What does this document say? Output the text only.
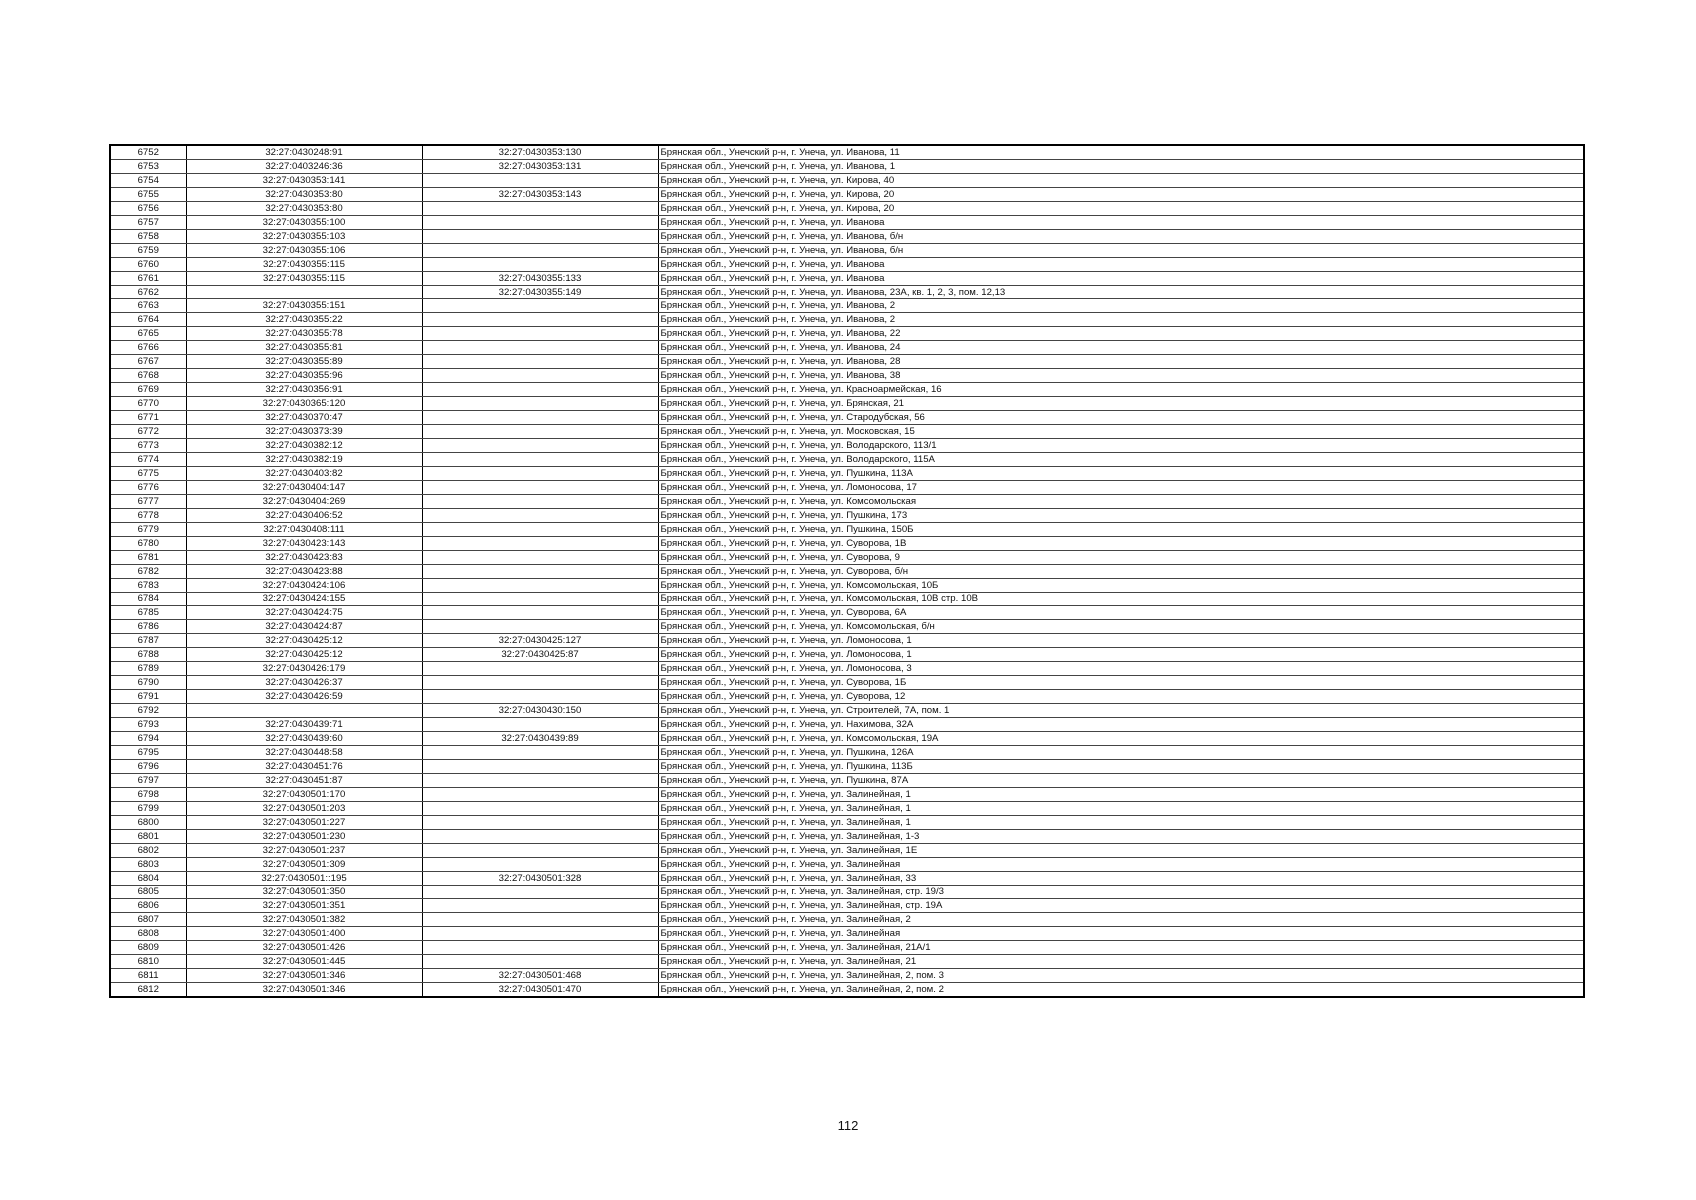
6752	32:27:0430248:91	32:27:0430353:130	Брянская обл., Унечский р-н, г. Унеча, ул. Иванова, 11
6753	32:27:0403246:36	32:27:0430353:131	Брянская обл., Унечский р-н, г. Унеча, ул. Иванова, 1
6754	32:27:0430353:141		Брянская обл., Унечский р-н, г. Унеча, ул. Кирова, 40
6755	32:27:0430353:80	32:27:0430353:143	Брянская обл., Унечский р-н, г. Унеча, ул. Кирова, 20
6756	32:27:0430353:80		Брянская обл., Унечский р-н, г. Унеча, ул. Кирова, 20
6757	32:27:0430355:100		Брянская обл., Унечский р-н, г. Унеча, ул. Иванова
6758	32:27:0430355:103		Брянская обл., Унечский р-н, г. Унеча, ул. Иванова, б/н
6759	32:27:0430355:106		Брянская обл., Унечский р-н, г. Унеча, ул. Иванова, б/н
6760	32:27:0430355:115		Брянская обл., Унечский р-н, г. Унеча, ул. Иванова
6761	32:27:0430355:115	32:27:0430355:133	Брянская обл., Унечский р-н, г. Унеча, ул. Иванова
6762		32:27:0430355:149	Брянская обл., Унечский р-н, г. Унеча, ул. Иванова, 23А, кв. 1, 2, 3, пом. 12,13
6763	32:27:0430355:151		Брянская обл., Унечский р-н, г. Унеча, ул. Иванова, 2
6764	32:27:0430355:22		Брянская обл., Унечский р-н, г. Унеча, ул. Иванова, 2
6765	32:27:0430355:78		Брянская обл., Унечский р-н, г. Унеча, ул. Иванова, 22
6766	32:27:0430355:81		Брянская обл., Унечский р-н, г. Унеча, ул. Иванова, 24
6767	32:27:0430355:89		Брянская обл., Унечский р-н, г. Унеча, ул. Иванова, 28
6768	32:27:0430355:96		Брянская обл., Унечский р-н, г. Унеча, ул. Иванова, 38
6769	32:27:0430356:91		Брянская обл., Унечский р-н, г. Унеча, ул. Красноармейская, 16
6770	32:27:0430365:120		Брянская обл., Унечский р-н, г. Унеча, ул. Брянская, 21
6771	32:27:0430370:47		Брянская обл., Унечский р-н, г. Унеча, ул. Стародубская, 56
6772	32:27:0430373:39		Брянская обл., Унечский р-н, г. Унеча, ул. Московская, 15
6773	32:27:0430382:12		Брянская обл., Унечский р-н, г. Унеча, ул. Володарского, 113/1
6774	32:27:0430382:19		Брянская обл., Унечский р-н, г. Унеча, ул. Володарского, 115А
6775	32:27:0430403:82		Брянская обл., Унечский р-н, г. Унеча, ул. Пушкина, 113А
6776	32:27:0430404:147		Брянская обл., Унечский р-н, г. Унеча, ул. Ломоносова, 17
6777	32:27:0430404:269		Брянская обл., Унечский р-н, г. Унеча, ул. Комсомольская
6778	32:27:0430406:52		Брянская обл., Унечский р-н, г. Унеча, ул. Пушкина, 173
6779	32:27:0430408:111		Брянская обл., Унечский р-н, г. Унеча, ул. Пушкина, 150Б
6780	32:27:0430423:143		Брянская обл., Унечский р-н, г. Унеча, ул. Суворова, 1В
6781	32:27:0430423:83		Брянская обл., Унечский р-н, г. Унеча, ул. Суворова, 9
6782	32:27:0430423:88		Брянская обл., Унечский р-н, г. Унеча, ул. Суворова, б/н
6783	32:27:0430424:106		Брянская обл., Унечский р-н, г. Унеча, ул. Комсомольская, 10Б
6784	32:27:0430424:155		Брянская обл., Унечский р-н, г. Унеча, ул. Комсомольская, 10В стр. 10В
6785	32:27:0430424:75		Брянская обл., Унечский р-н, г. Унеча, ул. Суворова, 6А
6786	32:27:0430424:87		Брянская обл., Унечский р-н, г. Унеча, ул. Комсомольская, б/н
6787	32:27:0430425:12	32:27:0430425:127	Брянская обл., Унечский р-н, г. Унеча, ул. Ломоносова, 1
6788	32:27:0430425:12	32:27:0430425:87	Брянская обл., Унечский р-н, г. Унеча, ул. Ломоносова, 1
6789	32:27:0430426:179		Брянская обл., Унечский р-н, г. Унеча, ул. Ломоносова, 3
6790	32:27:0430426:37		Брянская обл., Унечский р-н, г. Унеча, ул. Суворова, 1Б
6791	32:27:0430426:59		Брянская обл., Унечский р-н, г. Унеча, ул. Суворова, 12
6792		32:27:0430430:150	Брянская обл., Унечский р-н, г. Унеча, ул. Строителей, 7А, пом. 1
6793	32:27:0430439:71		Брянская обл., Унечский р-н, г. Унеча, ул. Нахимова, 32А
6794	32:27:0430439:60	32:27:0430439:89	Брянская обл., Унечский р-н, г. Унеча, ул. Комсомольская, 19А
6795	32:27:0430448:58		Брянская обл., Унечский р-н, г. Унеча, ул. Пушкина, 126А
6796	32:27:0430451:76		Брянская обл., Унечский р-н, г. Унеча, ул. Пушкина, 113Б
6797	32:27:0430451:87		Брянская обл., Унечский р-н, г. Унеча, ул. Пушкина, 87А
6798	32:27:0430501:170		Брянская обл., Унечский р-н, г. Унеча, ул. Залинейная, 1
6799	32:27:0430501:203		Брянская обл., Унечский р-н, г. Унеча, ул. Залинейная, 1
6800	32:27:0430501:227		Брянская обл., Унечский р-н, г. Унеча, ул. Залинейная, 1
6801	32:27:0430501:230		Брянская обл., Унечский р-н, г. Унеча, ул. Залинейная, 1-3
6802	32:27:0430501:237		Брянская обл., Унечский р-н, г. Унеча, ул. Залинейная, 1Е
6803	32:27:0430501:309		Брянская обл., Унечский р-н, г. Унеча, ул. Залинейная
6804	32:27:0430501::195	32:27:0430501:328	Брянская обл., Унечский р-н, г. Унеча, ул. Залинейная, 33
6805	32:27:0430501:350		Брянская обл., Унечский р-н, г. Унеча, ул. Залинейная, стр. 19/3
6806	32:27:0430501:351		Брянская обл., Унечский р-н, г. Унеча, ул. Залинейная, стр. 19А
6807	32:27:0430501:382		Брянская обл., Унечский р-н, г. Унеча, ул. Залинейная, 2
6808	32:27:0430501:400		Брянская обл., Унечский р-н, г. Унеча, ул. Залинейная
6809	32:27:0430501:426		Брянская обл., Унечский р-н, г. Унеча, ул. Залинейная, 21А/1
6810	32:27:0430501:445		Брянская обл., Унечский р-н, г. Унеча, ул. Залинейная, 21
6811	32:27:0430501:346	32:27:0430501:468	Брянская обл., Унечский р-н, г. Унеча, ул. Залинейная, 2, пом. 3
6812	32:27:0430501:346	32:27:0430501:470	Брянская обл., Унечский р-н, г. Унеча, ул. Залинейная, 2, пом. 2
112
